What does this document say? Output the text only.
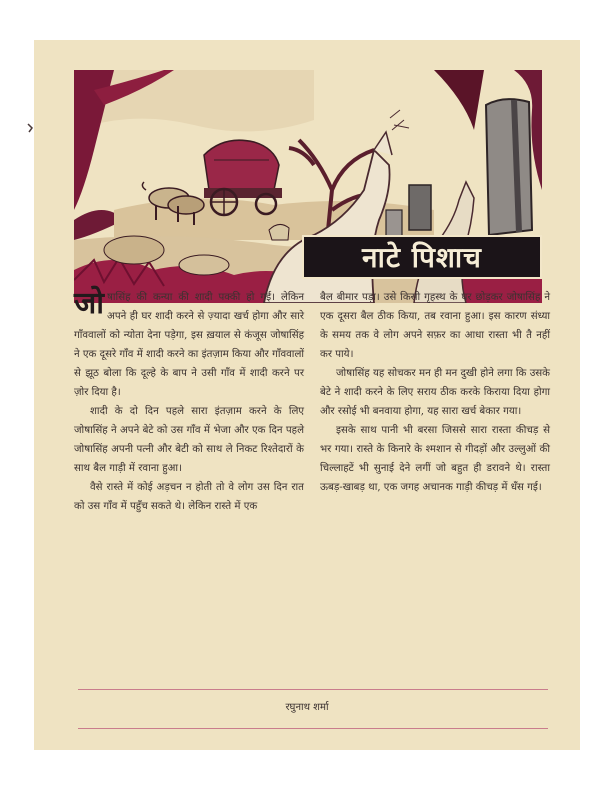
नाटे पिशाच

जोषासिंह की कन्या की शादी पक्की हो गई। लेकिन अपने ही घर शादी करने से ज़्यादा खर्च होगा और सारे गाँववालों को न्योता देना पड़ेगा, इस ख़याल से कंजूस जोषासिंह ने एक दूसरे गाँव में शादी करने का इंतज़ाम किया और गाँववालों से झूठ बोला कि दूल्हे के बाप ने उसी गाँव में शादी करने पर ज़ोर दिया है।

शादी के दो दिन पहले सारा इंतज़ाम करने के लिए जोषासिंह ने अपने बेटे को उस गाँव में भेजा और एक दिन पहले जोषासिंह अपनी पत्नी और बेटी को साथ ले निकट रिश्तेदारों के साथ बैल गाड़ी में रवाना हुआ।

वैसे रास्ते में कोई अड़चन न होती तो वे लोग उस दिन रात को उस गाँव में पहुँच सकते थे। लेकिन रास्ते में एक

बैल बीमार पड़ा। उसे किसी गृहस्थ के घर छोड़कर जोषासिंह ने एक दूसरा बैल ठीक किया, तब रवाना हुआ। इस कारण संध्या के समय तक वे लोग अपने सफ़र का आधा रास्ता भी तै नहीं कर पाये।

जोषासिंह यह सोचकर मन ही मन दुखी होने लगा कि उसके बेटे ने शादी करने के लिए सराय ठीक करके किराया दिया होगा और रसोई भी बनवाया होगा, यह सारा खर्च बेकार गया।

इसके साथ पानी भी बरसा जिससे सारा रास्ता कीचड़ से भर गया। रास्ते के किनारे के श्मशान से गीदड़ों और उल्लुओं की चिल्लाहटें भी सुनाई देने लगीं जो बहुत ही डरावने थे। रास्ता ऊबड़-खाबड़ था, एक जगह अचानक गाड़ी कीचड़ में धँस गई।

रघुनाथ शर्मा
